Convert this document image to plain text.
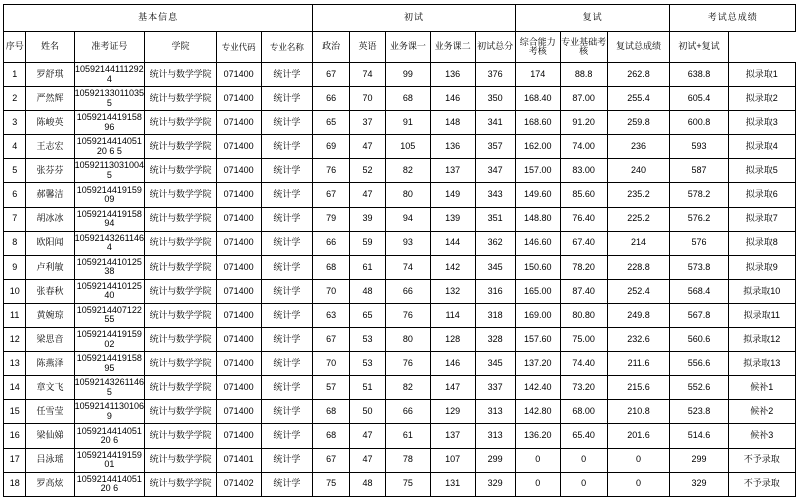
基本信息						初试					复试			考试总成绩	
序号	姓名	准考证号	学院	专业代码	专业名称	政治	英语	业务课一	业务课二	初试总分	综合能力考核	专业基础考核	复试总成绩	初试+复试	
1	罗舒琪	105921441112924	统计与数学学院	071400	统计学	67	74	99	136	376	174	88.8	262.8	638.8	拟录取1
2	严然辉	105921330110355	统计与数学学院	071400	统计学	66	70	68	146	350	168.40	87.00	255.4	605.4	拟录取2
3	陈峻英	105921441915896	统计与数学学院	071400	统计学	65	37	91	148	341	168.60	91.20	259.8	600.8	拟录取3
4	王志宏	105921441405120 6 5	统计与数学学院	071400	统计学	69	47	105	136	357	162.00	74.00	236	593	拟录取4
5	张芬芬	105921130310045	统计与数学学院	071400	统计学	76	52	82	137	347	157.00	83.00	240	587	拟录取5
6	郝馨洁	105921441915909	统计与数学学院	071400	统计学	67	47	80	149	343	149.60	85.60	235.2	578.2	拟录取6
7	胡冰冰	105921441915894	统计与数学学院	071400	统计学	79	39	94	139	351	148.80	76.40	225.2	576.2	拟录取7
8	欧阳闻	105921432611464	统计与数学学院	071400	统计学	66	59	93	144	362	146.60	67.40	214	576	拟录取8
9	卢利敏	105921441012538	统计与数学学院	071400	统计学	68	61	74	142	345	150.60	78.20	228.8	573.8	拟录取9
10	张春秋	105921441012540	统计与数学学院	071400	统计学	70	48	66	132	316	165.00	87.40	252.4	568.4	拟录取10
11	黄婉琼	105921440712255	统计与数学学院	071400	统计学	63	65	76	114	318	169.00	80.80	249.8	567.8	拟录取11
12	梁思音	105921441915902	统计与数学学院	071400	统计学	67	53	80	128	328	157.60	75.00	232.6	560.6	拟录取12
13	陈燕泽	105921441915895	统计与数学学院	071400	统计学	70	53	76	146	345	137.20	74.40	211.6	556.6	拟录取13
14	章文飞	105921432611465	统计与数学学院	071400	统计学	57	51	82	147	337	142.40	73.20	215.6	552.6	候补1
15	任雪莹	105921411301069	统计与数学学院	071400	统计学	68	50	66	129	313	142.80	68.00	210.8	523.8	候补2
16	梁仙娣	105921441405120 6	统计与数学学院	071400	统计学	68	47	61	137	313	136.20	65.40	201.6	514.6	候补3
17	吕泳瑶	105921441915901	统计与数学学院	071401	统计学	67	47	78	107	299	0	0	0	299	不予录取
18	罗高炫	105921441405120 6	统计与数学学院	071402	统计学	75	48	75	131	329	0	0	0	329	不予录取
